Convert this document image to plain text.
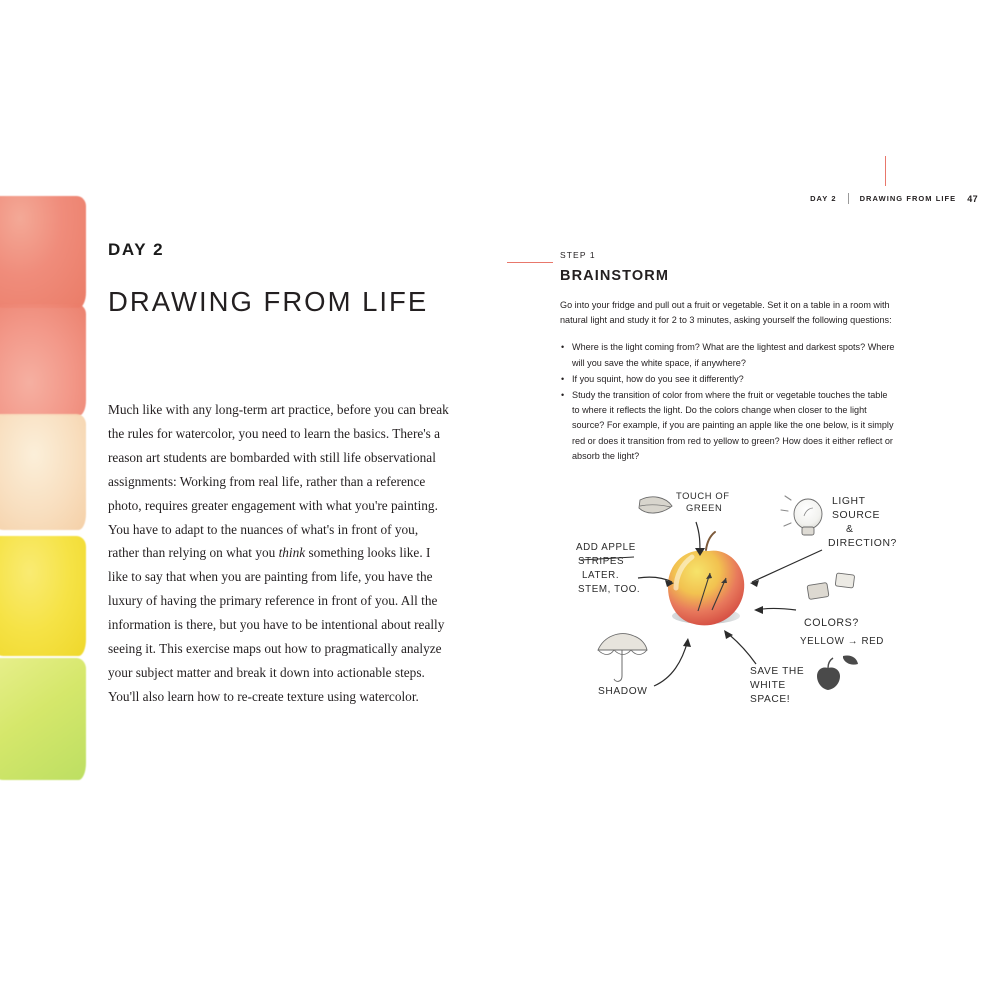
DAY 2	DRAWING FROM LIFE 47
DAY 2
DRAWING FROM LIFE

Much like with any long-term art practice, before you can break the rules for watercolor, you need to learn the basics. There's a reason art students are bombarded with still life observational assignments: Working from real life, rather than a reference photo, requires greater engagement with what you're painting. You have to adapt to the nuances of what's in front of you, rather than relying on what you think something looks like. I like to say that when you are painting from life, you have the luxury of having the primary reference in front of you. All the information is there, but you have to be intentional about really seeing it. This exercise maps out how to pragmatically analyze your subject matter and break it down into actionable steps. You'll also learn how to re-create texture using watercolor.

STEP 1
BRAINSTORM

Go into your fridge and pull out a fruit or vegetable. Set it on a table in a room with natural light and study it for 2 to 3 minutes, asking yourself the following questions:

• Where is the light coming from? What are the lightest and darkest spots? Where will you save the white space, if anywhere?
• If you squint, how do you see it differently?
• Study the transition of color from where the fruit or vegetable touches the table to where it reflects the light. Do the colors change when closer to the light source? For example, if you are painting an apple like the one below, is it simply red or does it transition from red to yellow to green? How does it either reflect or absorb the light?
TOUCH OF
GREEN
LIGHT
SOURCE
&
DIRECTION?
ADD APPLE
STRIPES
LATER.
STEM, TOO.
COLORS?
YELLOW → RED
SHADOW
SAVE THE
WHITE
SPACE!
